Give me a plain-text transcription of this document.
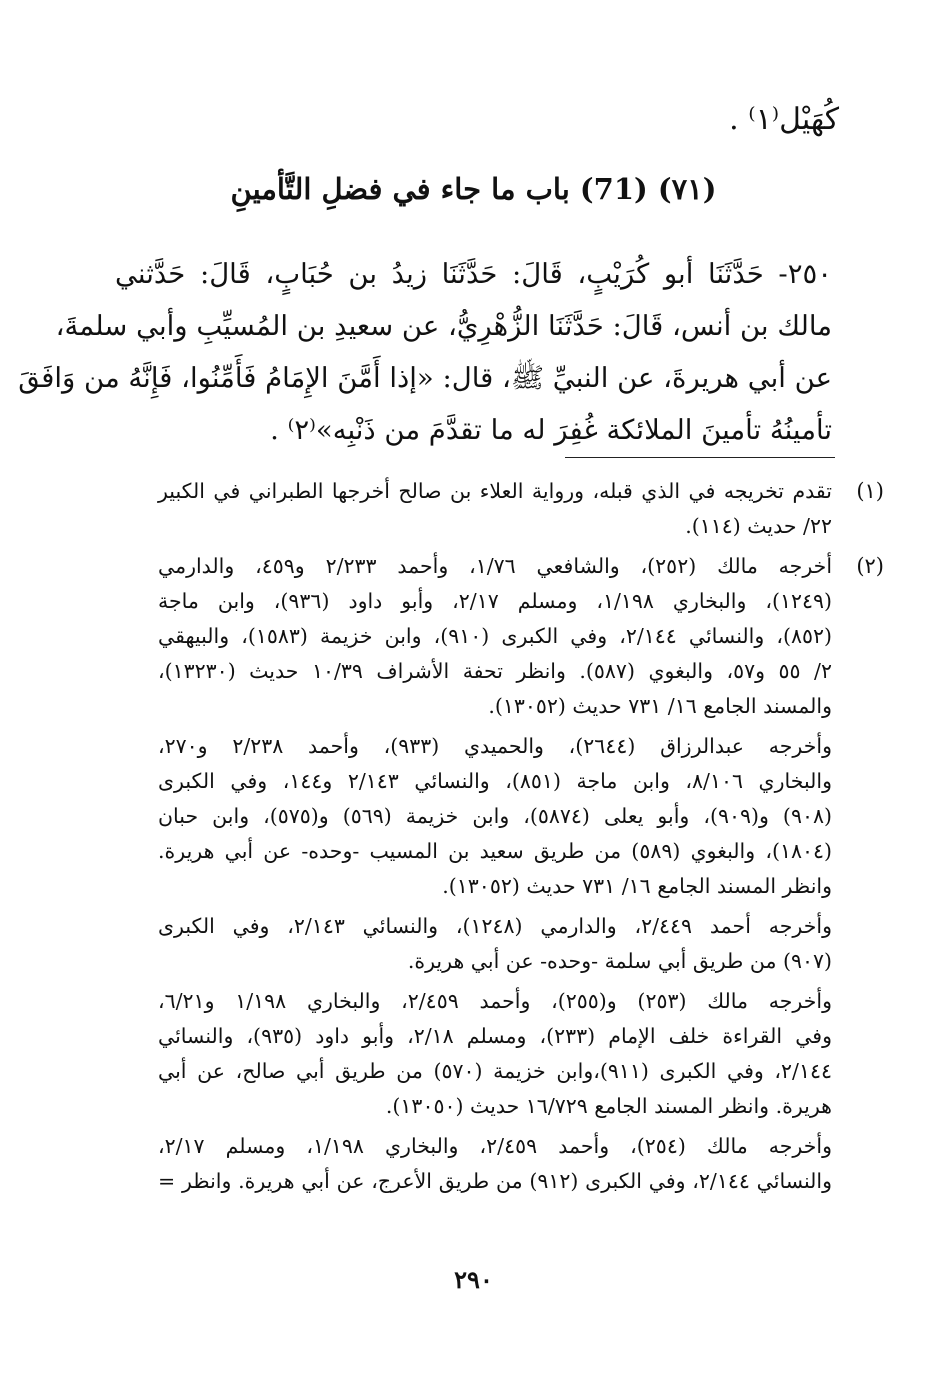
كُهَيْل⁽١⁾ .
(٧١) (71) باب ما جاء في فضلِ التَّأمينِ
٢٥٠- حَدَّثَنَا أبو كُرَيْبٍ، قَالَ: حَدَّثَنَا زيدُ بن حُبَابٍ، قَالَ: حَدَّثني
مالك بن أنس، قَالَ: حَدَّثَنَا الزُّهْرِيُّ، عن سعيدِ بن المُسيِّبِ وأبي سلمةَ،
عن أبي هريرةَ، عن النبيِّ ﷺ، قال: «إذا أَمَّنَ الإِمَامُ فَأَمِّنُوا، فَإِنَّهُ من وَافَقَ
تأمينُهُ تأمينَ الملائكة غُفِرَ له ما تقدَّمَ من ذَنْبِه»⁽٢⁾ .
(١)
تقدم تخريجه في الذي قبله، ورواية العلاء بن صالح أخرجها الطبراني في الكبير
٢٢/ حديث (١١٤).
(٢)
أخرجه مالك (٢٥٢)، والشافعي ١/٧٦، وأحمد ٢/٢٣٣ و٤٥٩، والدارمي
(١٢٤٩)، والبخاري ١/١٩٨، ومسلم ٢/١٧، وأبو داود (٩٣٦)، وابن ماجة
(٨٥٢)، والنسائي ٢/١٤٤، وفي الكبرى (٩١٠)، وابن خزيمة (١٥٨٣)، والبيهقي
٢/ ٥٥ و٥٧، والبغوي (٥٨٧). وانظر تحفة الأشراف ١٠/٣٩ حديث (١٣٢٣٠)،
والمسند الجامع ١٦/ ٧٣١ حديث (١٣٠٥٢).
وأخرجه عبدالرزاق (٢٦٤٤)، والحميدي (٩٣٣)، وأحمد ٢/٢٣٨ و٢٧٠،
والبخاري ٨/١٠٦، وابن ماجة (٨٥١)، والنسائي ٢/١٤٣ و١٤٤، وفي الكبرى
(٩٠٨) و(٩٠٩)، وأبو يعلى (٥٨٧٤)، وابن خزيمة (٥٦٩) و(٥٧٥)، وابن حبان
(١٨٠٤)، والبغوي (٥٨٩) من طريق سعيد بن المسيب -وحده- عن أبي هريرة.
وانظر المسند الجامع ١٦/ ٧٣١ حديث (١٣٠٥٢).
وأخرجه أحمد ٢/٤٤٩، والدارمي (١٢٤٨)، والنسائي ٢/١٤٣، وفي الكبرى
(٩٠٧) من طريق أبي سلمة -وحده- عن أبي هريرة.
وأخرجه مالك (٢٥٣) و(٢٥٥)، وأحمد ٢/٤٥٩، والبخاري ١/١٩٨ و٦/٢١،
وفي القراءة خلف الإمام (٢٣٣)، ومسلم ٢/١٨، وأبو داود (٩٣٥)، والنسائي
٢/١٤٤، وفي الكبرى (٩١١)،وابن خزيمة (٥٧٠) من طريق أبي صالح، عن أبي
هريرة. وانظر المسند الجامع ١٦/٧٢٩ حديث (١٣٠٥٠).
وأخرجه مالك (٢٥٤)، وأحمد ٢/٤٥٩، والبخاري ١/١٩٨، ومسلم ٢/١٧،
والنسائي ٢/١٤٤، وفي الكبرى (٩١٢) من طريق الأعرج، عن أبي هريرة. وانظر =
٢٩٠
